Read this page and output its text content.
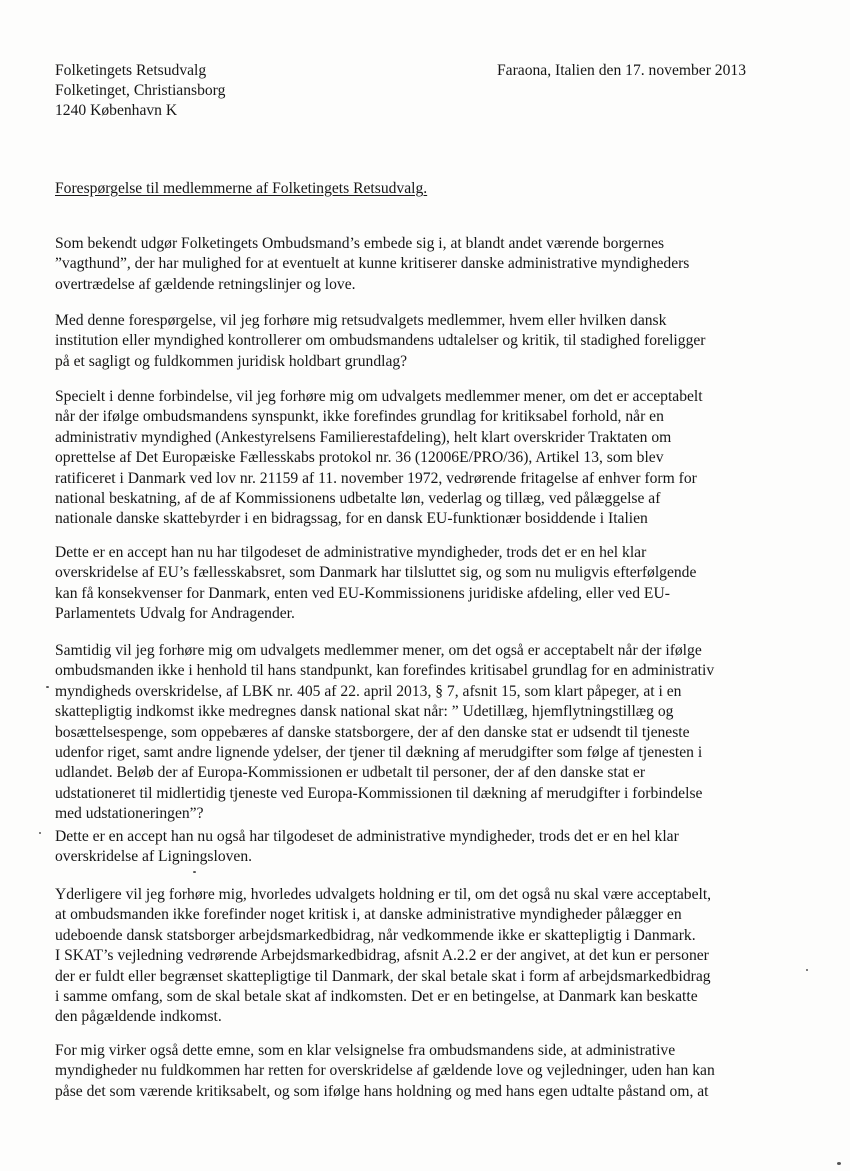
Folketingets Retsudvalg
Folketinget, Christiansborg
1240 København K
Faraona, Italien den 17. november 2013
Forespørgelse til medlemmerne af Folketingets Retsudvalg.
Som bekendt udgør Folketingets Ombudsmand’s embede sig i, at blandt andet værende borgernes
”vagthund”, der har mulighed for at eventuelt at kunne kritiserer danske administrative myndigheders
overtrædelse af gældende retningslinjer og love.
Med denne forespørgelse, vil jeg forhøre mig retsudvalgets medlemmer, hvem eller hvilken dansk
institution eller myndighed kontrollerer om ombudsmandens udtalelser og kritik, til stadighed foreligger
på et sagligt og fuldkommen juridisk holdbart grundlag?
Specielt i denne forbindelse, vil jeg forhøre mig om udvalgets medlemmer mener, om det er acceptabelt
når der ifølge ombudsmandens synspunkt, ikke forefindes grundlag for kritiksabel forhold, når en
administrativ myndighed (Ankestyrelsens Familierestafdeling), helt klart overskrider Traktaten om
oprettelse af Det Europæiske Fællesskabs protokol nr. 36 (12006E/PRO/36), Artikel 13, som blev
ratificeret i Danmark ved lov nr. 21159 af 11. november 1972, vedrørende fritagelse af enhver form for
national beskatning, af de af Kommissionens udbetalte løn, vederlag og tillæg, ved pålæggelse af
nationale danske skattebyrder i en bidragssag, for en dansk EU-funktionær bosiddende i Italien
Dette er en accept han nu har tilgodeset de administrative myndigheder, trods det er en hel klar
overskridelse af EU’s fællesskabsret, som Danmark har tilsluttet sig, og som nu muligvis efterfølgende
kan få konsekvenser for Danmark, enten ved EU-Kommissionens juridiske afdeling, eller ved EU-
Parlamentets Udvalg for Andragender.
Samtidig vil jeg forhøre mig om udvalgets medlemmer mener, om det også er acceptabelt når der ifølge
ombudsmanden ikke i henhold til hans standpunkt, kan forefindes kritisabel grundlag for en administrativ
myndigheds overskridelse, af LBK nr. 405 af 22. april 2013, § 7, afsnit 15, som klart påpeger, at i en
skattepligtig indkomst ikke medregnes dansk national skat når: ” Udetillæg, hjemflytningstillæg og
bosættelsespenge, som oppebæres af danske statsborgere, der af den danske stat er udsendt til tjeneste
udenfor riget, samt andre lignende ydelser, der tjener til dækning af merudgifter som følge af tjenesten i
udlandet. Beløb der af Europa-Kommissionen er udbetalt til personer, der af den danske stat er
udstationeret til midlertidig tjeneste ved Europa-Kommissionen til dækning af merudgifter i forbindelse
med udstationeringen”?
Dette er en accept han nu også har tilgodeset de administrative myndigheder, trods det er en hel klar
overskridelse af Ligningsloven.
Yderligere vil jeg forhøre mig, hvorledes udvalgets holdning er til, om det også nu skal være acceptabelt,
at ombudsmanden ikke forefinder noget kritisk i, at danske administrative myndigheder pålægger en
udeboende dansk statsborger arbejdsmarkedbidrag, når vedkommende ikke er skattepligtig i Danmark.
I SKAT’s vejledning vedrørende Arbejdsmarkedbidrag, afsnit A.2.2 er der angivet, at det kun er personer
der er fuldt eller begrænset skattepligtige til Danmark, der skal betale skat i form af arbejdsmarkedbidrag
i samme omfang, som de skal betale skat af indkomsten. Det er en betingelse, at Danmark kan beskatte
den pågældende indkomst.
For mig virker også dette emne, som en klar velsignelse fra ombudsmandens side, at administrative
myndigheder nu fuldkommen har retten for overskridelse af gældende love og vejledninger, uden han kan
påse det som værende kritiksabelt, og som ifølge hans holdning og med hans egen udtalte påstand om, at
